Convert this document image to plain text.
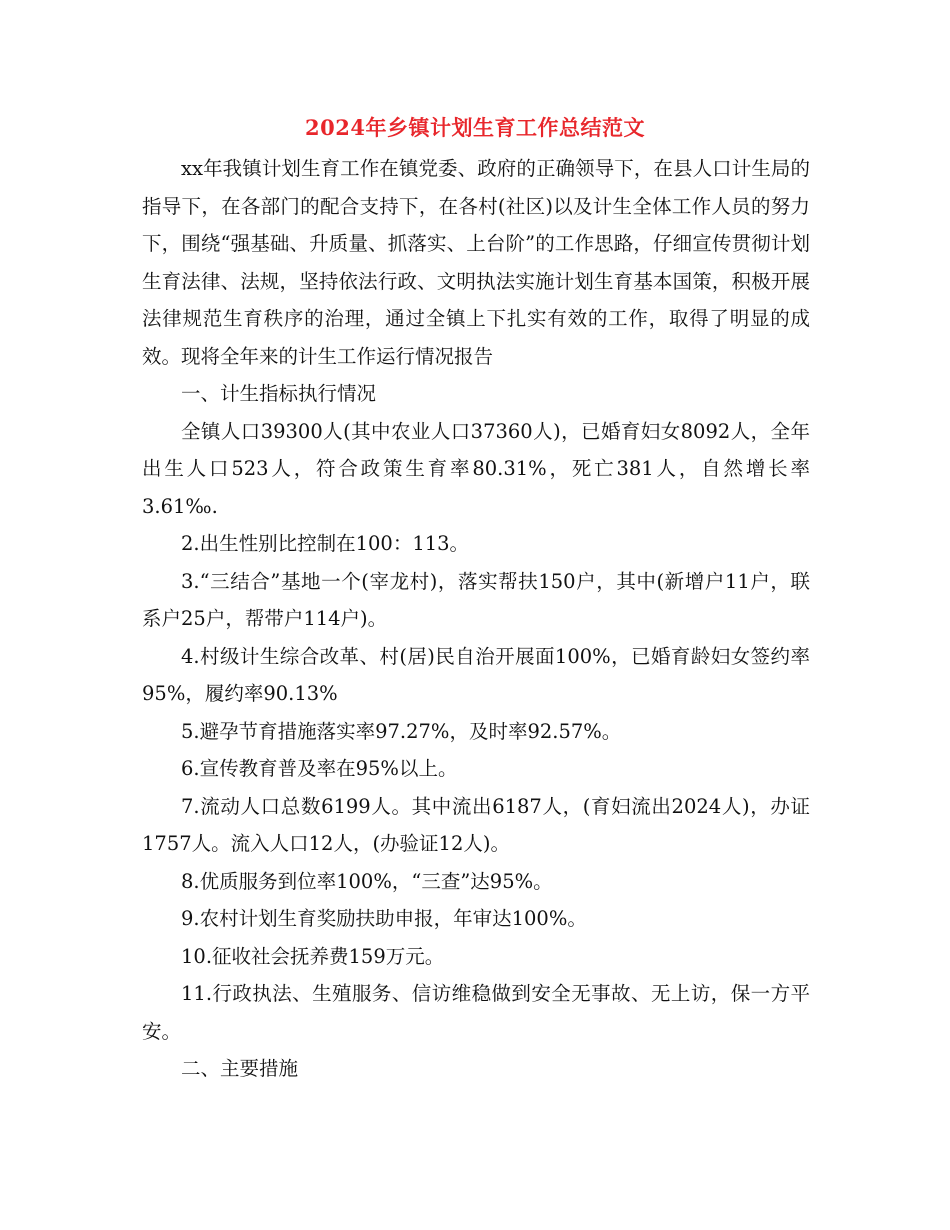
2024年乡镇计划生育工作总结范文

xx年我镇计划生育工作在镇党委、政府的正确领导下，在县人口计生局的指导下，在各部门的配合支持下，在各村(社区)以及计生全体工作人员的努力下，围绕“强基础、升质量、抓落实、上台阶”的工作思路，仔细宣传贯彻计划生育法律、法规，坚持依法行政、文明执法实施计划生育基本国策，积极开展法律规范生育秩序的治理，通过全镇上下扎实有效的工作，取得了明显的成效。现将全年来的计生工作运行情况报告

一、计生指标执行情况

全镇人口39300人(其中农业人口37360人)，已婚育妇女8092人，全年出生人口523人，符合政策生育率80.31%，死亡381人，自然增长率3.61‰.

2.出生性别比控制在100：113。

3.“三结合”基地一个(宰龙村)，落实帮扶150户，其中(新增户11户，联系户25户，帮带户114户)。

4.村级计生综合改革、村(居)民自治开展面100%，已婚育龄妇女签约率95%，履约率90.13%

5.避孕节育措施落实率97.27%，及时率92.57%。

6.宣传教育普及率在95%以上。

7.流动人口总数6199人。其中流出6187人，(育妇流出2024人)，办证1757人。流入人口12人，(办验证12人)。

8.优质服务到位率100%，“三查”达95%。

9.农村计划生育奖励扶助申报，年审达100%。

10.征收社会抚养费159万元。

11.行政执法、生殖服务、信访维稳做到安全无事故、无上访，保一方平安。

二、主要措施
